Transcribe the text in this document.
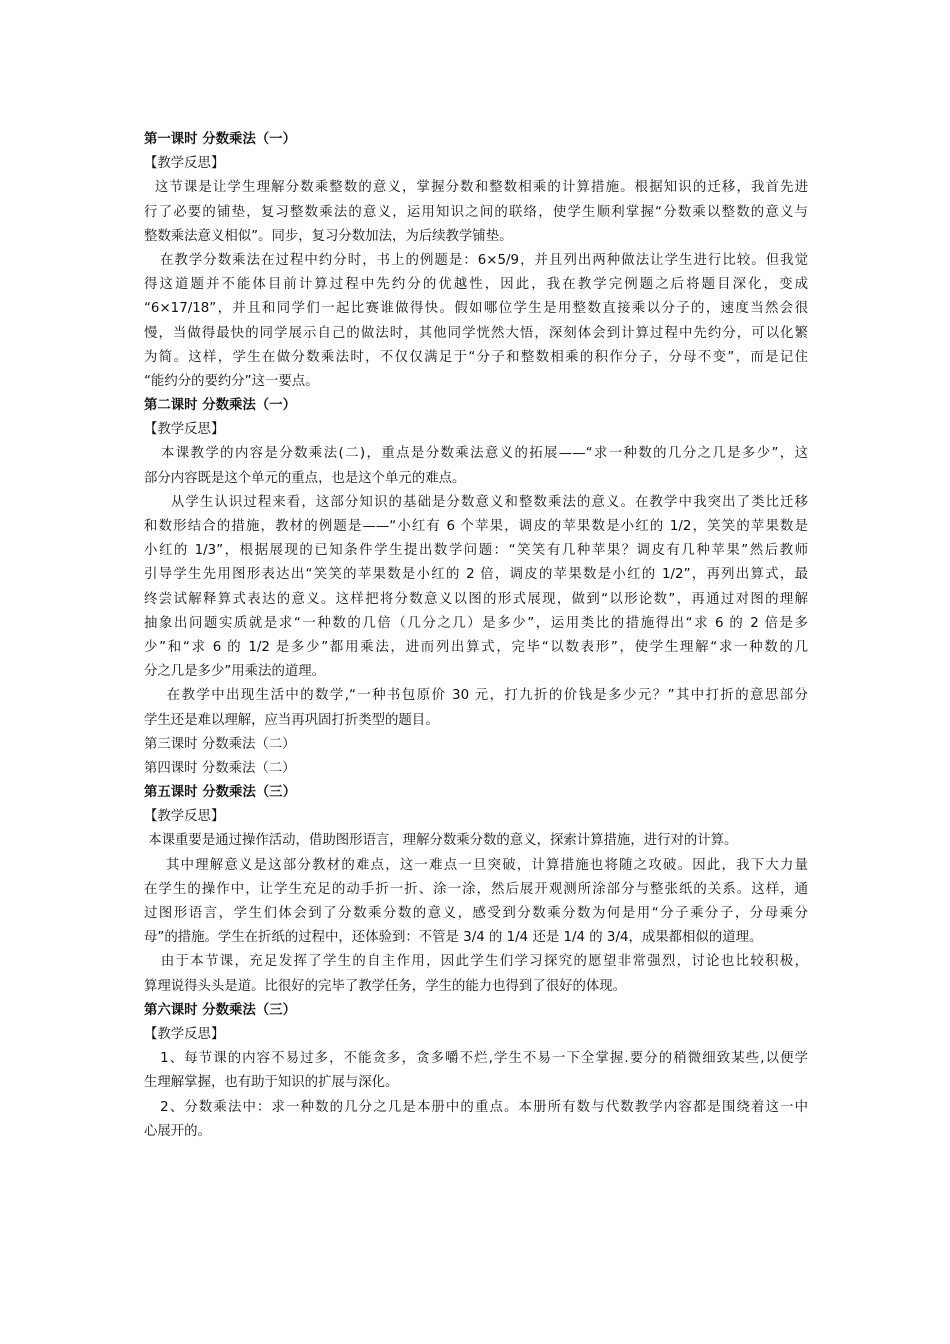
第一课时 分数乘法（一）
【教学反思】
这节课是让学生理解分数乘整数的意义，掌握分数和整数相乘的计算措施。根据知识的迁移，我首先进
行了必要的铺垫，复习整数乘法的意义，运用知识之间的联络，使学生顺利掌握“分数乘以整数的意义与
整数乘法意义相似”。同步，复习分数加法，为后续教学铺垫。
在教学分数乘法在过程中约分时，书上的例题是：6×5/9，并且列出两种做法让学生进行比较。但我觉
得这道题并不能体目前计算过程中先约分的优越性，因此，我在教学完例题之后将题目深化，变成
“6×17/18”，并且和同学们一起比赛谁做得快。假如哪位学生是用整数直接乘以分子的，速度当然会很
慢，当做得最快的同学展示自己的做法时，其他同学恍然大悟，深刻体会到计算过程中先约分，可以化繁
为简。这样，学生在做分数乘法时，不仅仅满足于“分子和整数相乘的积作分子，分母不变”，而是记住
“能约分的要约分”这一要点。
第二课时 分数乘法（一）
【教学反思】
本课教学的内容是分数乘法(二)，重点是分数乘法意义的拓展——“求一种数的几分之几是多少”，这
部分内容既是这个单元的重点，也是这个单元的难点。
从学生认识过程来看，这部分知识的基础是分数意义和整数乘法的意义。在教学中我突出了类比迁移
和数形结合的措施，教材的例题是——“小红有 6 个苹果，调皮的苹果数是小红的 1/2，笑笑的苹果数是
小红的 1/3”，根据展现的已知条件学生提出数学问题：“笑笑有几种苹果？调皮有几种苹果”然后教师
引导学生先用图形表达出“笑笑的苹果数是小红的 2 倍，调皮的苹果数是小红的 1/2”，再列出算式，最
终尝试解释算式表达的意义。这样把将分数意义以图的形式展现，做到“以形论数”，再通过对图的理解
抽象出问题实质就是求“一种数的几倍（几分之几）是多少”，运用类比的措施得出“求 6 的 2 倍是多
少”和“求 6 的 1/2 是多少”都用乘法，进而列出算式，完毕“以数表形”，使学生理解“求一种数的几
分之几是多少”用乘法的道理。
在教学中出现生活中的数学,“一种书包原价 30 元，打九折的价钱是多少元？”其中打折的意思部分
学生还是难以理解，应当再巩固打折类型的题目。
第三课时 分数乘法（二）
第四课时 分数乘法（二）
第五课时 分数乘法（三）
【教学反思】
本课重要是通过操作活动，借助图形语言，理解分数乘分数的意义，探索计算措施，进行对的计算。
其中理解意义是这部分教材的难点，这一难点一旦突破，计算措施也将随之攻破。因此，我下大力量
在学生的操作中，让学生充足的动手折一折、涂一涂，然后展开观测所涂部分与整张纸的关系。这样，通
过图形语言，学生们体会到了分数乘分数的意义，感受到分数乘分数为何是用“分子乘分子，分母乘分
母”的措施。学生在折纸的过程中，还体验到：不管是 3/4 的 1/4 还是 1/4 的 3/4，成果都相似的道理。
由于本节课，充足发挥了学生的自主作用，因此学生们学习探究的愿望非常强烈，讨论也比较积极，
算理说得头头是道。比很好的完毕了教学任务，学生的能力也得到了很好的体现。
第六课时 分数乘法（三）
【教学反思】
1、每节课的内容不易过多，不能贪多，贪多嚼不烂,学生不易一下全掌握.要分的稍微细致某些,以便学
生理解掌握，也有助于知识的扩展与深化。
2、分数乘法中：求一种数的几分之几是本册中的重点。本册所有数与代数教学内容都是围绕着这一中
心展开的。
